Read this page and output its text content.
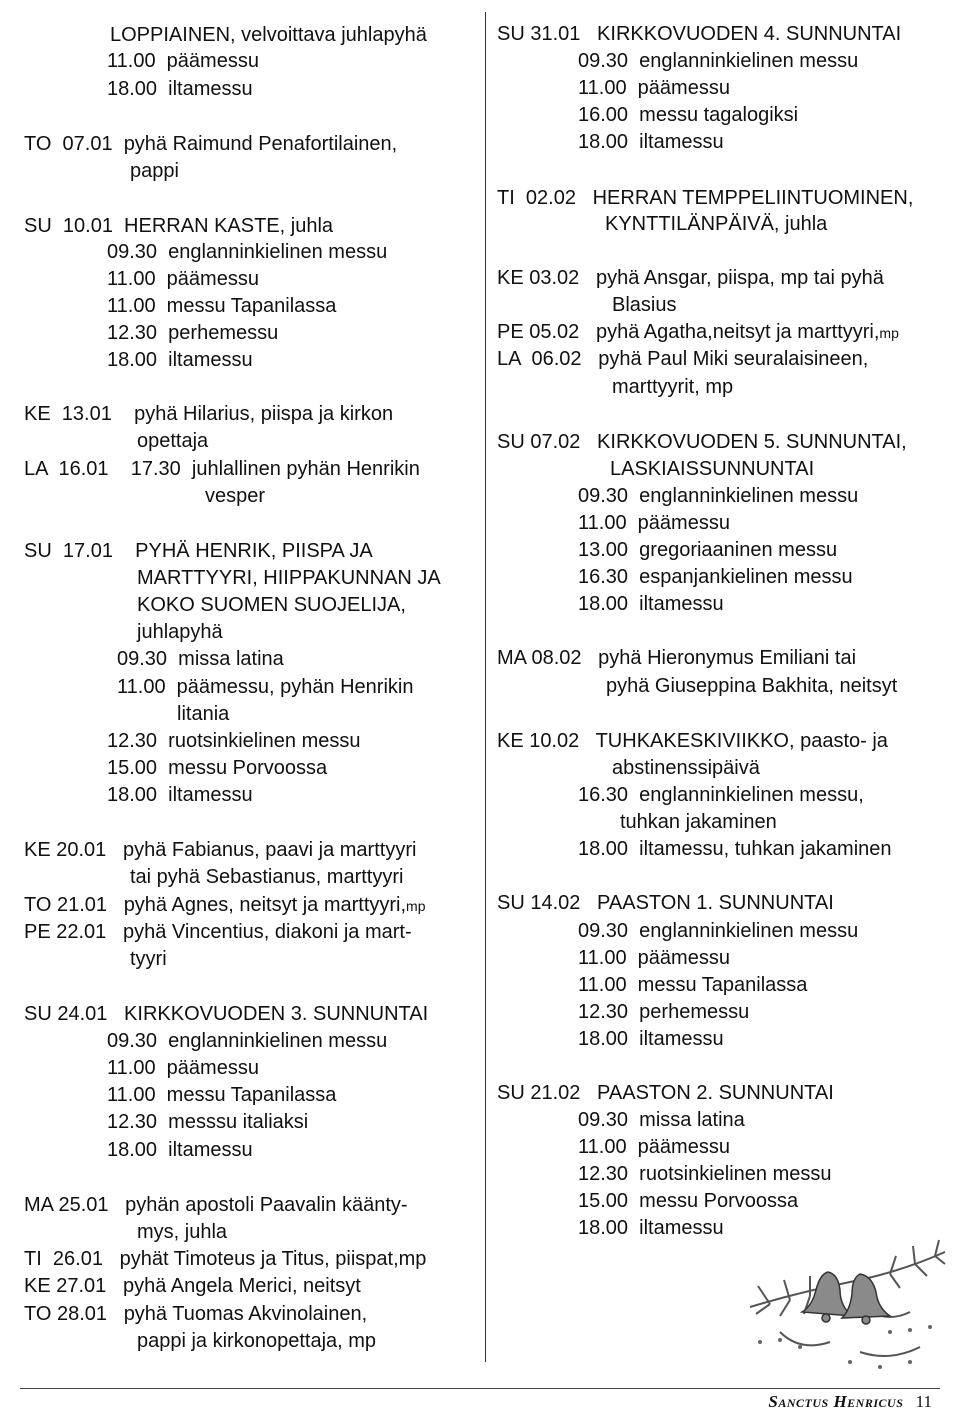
LOPPIAINEN, velvoittava juhlapyhä
11.00  päämessu
18.00  iltamessu
TO  07.01  pyhä Raimund Penafortilainen,
pappi
SU  10.01  HERRAN KASTE, juhla
09.30  englanninkielinen messu
11.00  päämessu
11.00  messu Tapanilassa
12.30  perhemessu
18.00  iltamessu
KE  13.01    pyhä Hilarius, piispa ja kirkon
opettaja
LA  16.01    17.30  juhlallinen pyhän Henrikin
vesper
SU  17.01    PYHÄ HENRIK, PIISPA JA
MARTTYYRI, HIIPPAKUNNAN JA
KOKO SUOMEN SUOJELIJA,
juhlapyhä
09.30  missa latina
11.00  päämessu, pyhän Henrikin
litania
12.30  ruotsinkielinen messu
15.00  messu Porvoossa
18.00  iltamessu
KE 20.01   pyhä Fabianus, paavi ja marttyyri
tai pyhä Sebastianus, marttyyri
TO 21.01   pyhä Agnes, neitsyt ja marttyyri,mp
PE 22.01   pyhä Vincentius, diakoni ja mart-
tyyri
SU 24.01   KIRKKOVUODEN 3. SUNNUNTAI
09.30  englanninkielinen messu
11.00  päämessu
11.00  messu Tapanilassa
12.30  messsu italiaksi
18.00  iltamessu
MA 25.01   pyhän apostoli Paavalin käänty-
mys, juhla
TI  26.01   pyhät Timoteus ja Titus, piispat,mp
KE 27.01   pyhä Angela Merici, neitsyt
TO 28.01   pyhä Tuomas Akvinolainen,
pappi ja kirkonopettaja, mp
SU 31.01   KIRKKOVUODEN 4. SUNNUNTAI
09.30  englanninkielinen messu
11.00  päämessu
16.00  messu tagalogiksi
18.00  iltamessu
TI  02.02   HERRAN TEMPPELIINTUOMINEN,
KYNTTILÄNPÄIVÄ, juhla
KE 03.02   pyhä Ansgar, piispa, mp tai pyhä
Blasius
PE 05.02   pyhä Agatha,neitsyt ja marttyyri,mp
LA  06.02   pyhä Paul Miki seuralaisineen,
marttyyrit, mp
SU 07.02   KIRKKOVUODEN 5. SUNNUNTAI,
LASKIAISSUNNUNTAI
09.30  englanninkielinen messu
11.00  päämessu
13.00  gregoriaaninen messu
16.30  espanjankielinen messu
18.00  iltamessu
MA 08.02   pyhä Hieronymus Emiliani tai
pyhä Giuseppina Bakhita, neitsyt
KE 10.02   TUHKAKESKIVIIKKO, paasto- ja
abstinenssipäivä
16.30  englanninkielinen messu,
tuhkan jakaminen
18.00  iltamessu, tuhkan jakaminen
SU 14.02   PAASTON 1. SUNNUNTAI
09.30  englanninkielinen messu
11.00  päämessu
11.00  messu Tapanilassa
12.30  perhemessu
18.00  iltamessu
SU 21.02   PAASTON 2. SUNNUNTAI
09.30  missa latina
11.00  päämessu
12.30  ruotsinkielinen messu
15.00  messu Porvoossa
18.00  iltamessu
Sanctus Henricus 11
